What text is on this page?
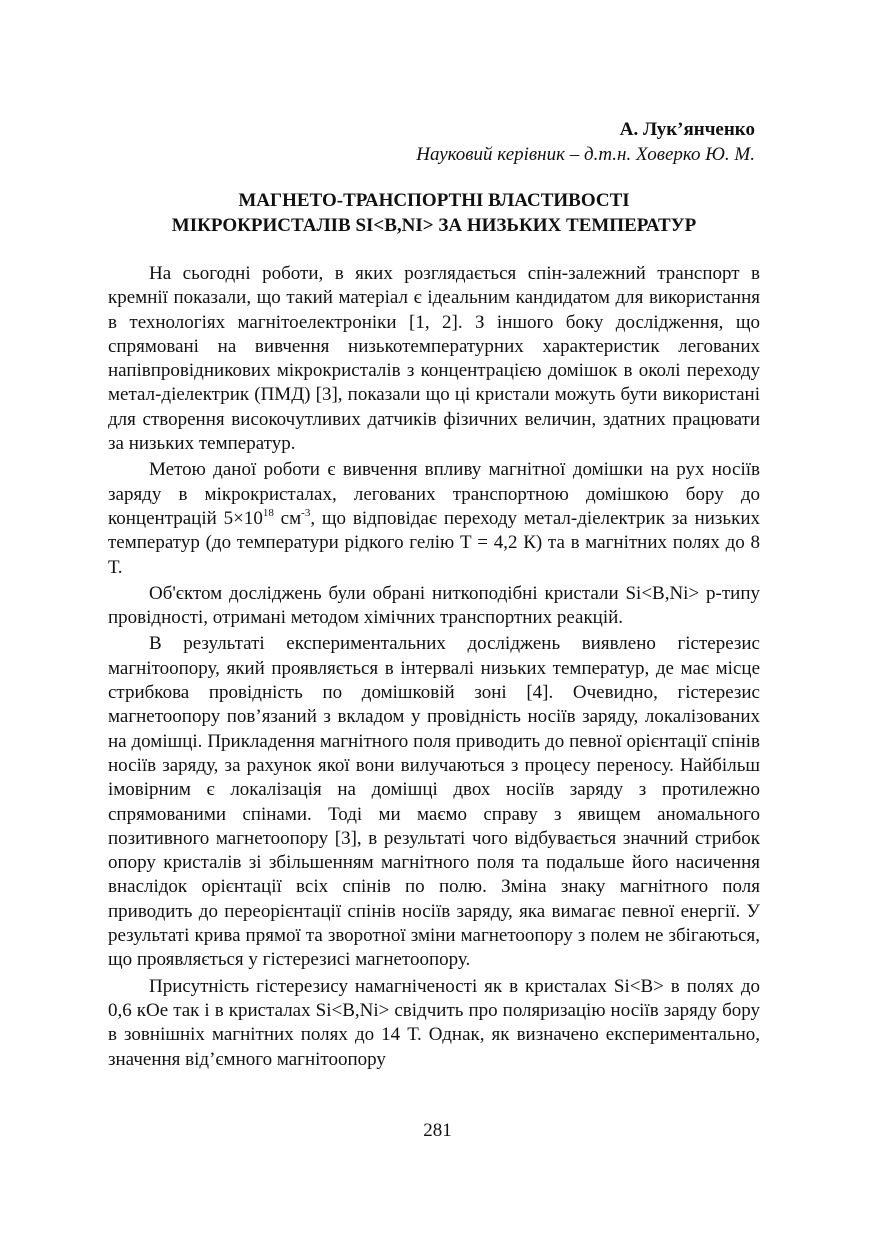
А. Лук’янченко
Науковий керівник – д.т.н. Ховерко Ю. М.
МАГНЕТО-ТРАНСПОРТНІ ВЛАСТИВОСТІ
МІКРОКРИСТАЛІВ SI<B,NI> ЗА НИЗЬКИХ ТЕМПЕРАТУР

На сьогодні роботи, в яких розглядається спін-залежний транспорт в кремнії показали, що такий матеріал є ідеальним кандидатом для використання в технологіях магнітоелектроніки [1, 2]. З іншого боку дослідження, що спрямовані на вивчення низькотемпературних характеристик легованих напівпровідникових мікрокристалів з концентрацією домішок в околі переходу метал-діелектрик (ПМД) [3], показали що ці кристали можуть бути використані для створення високочутливих датчиків фізичних величин, здатних працювати за низьких температур.

Метою даної роботи є вивчення впливу магнітної домішки на рух носіїв заряду в мікрокристалах, легованих транспортною домішкою бору до концентрацій $5\times 10^{18}$ $см^{-3}$, що відповідає переходу метал-діелектрик за низьких температур (до температури рідкого гелію Т = 4,2 К) та в магнітних полях до 8 Т.

Об'єктом досліджень були обрані ниткоподібні кристали Si<B,Ni> p-типу провідності, отримані методом хімічних транспортних реакцій.

В результаті експериментальних досліджень виявлено гістерезис магнітоопору, який проявляється в інтервалі низьких температур, де має місце стрибкова провідність по домішковій зоні [4]. Очевидно, гістерезис магнетоопору пов’язаний з вкладом у провідність носіїв заряду, локалізованих на домішці. Прикладення магнітного поля приводить до певної орієнтації спінів носіїв заряду, за рахунок якої вони вилучаються з процесу переносу. Найбільш імовірним є локалізація на домішці двох носіїв заряду з протилежно спрямованими спінами. Тоді ми маємо справу з явищем аномального позитивного магнетоопору [3], в результаті чого відбувається значний стрибок опору кристалів зі збільшенням магнітного поля та подальше його насичення внаслідок орієнтації всіх спінів по полю. Зміна знаку магнітного поля приводить до переорієнтації спінів носіїв заряду, яка вимагає певної енергії. У результаті крива прямої та зворотної зміни магнетоопору з полем не збігаються, що проявляється у гістерезисі магнетоопору.

Присутність гістерезису намагніченості як в кристалах Si<B> в полях до 0,6 кОе так і в кристалах Si<B,Ni> свідчить про поляризацію носіїв заряду бору в зовнішніх магнітних полях до 14 Т. Однак, як визначено експериментально, значення від’ємного магнітоопору

281
